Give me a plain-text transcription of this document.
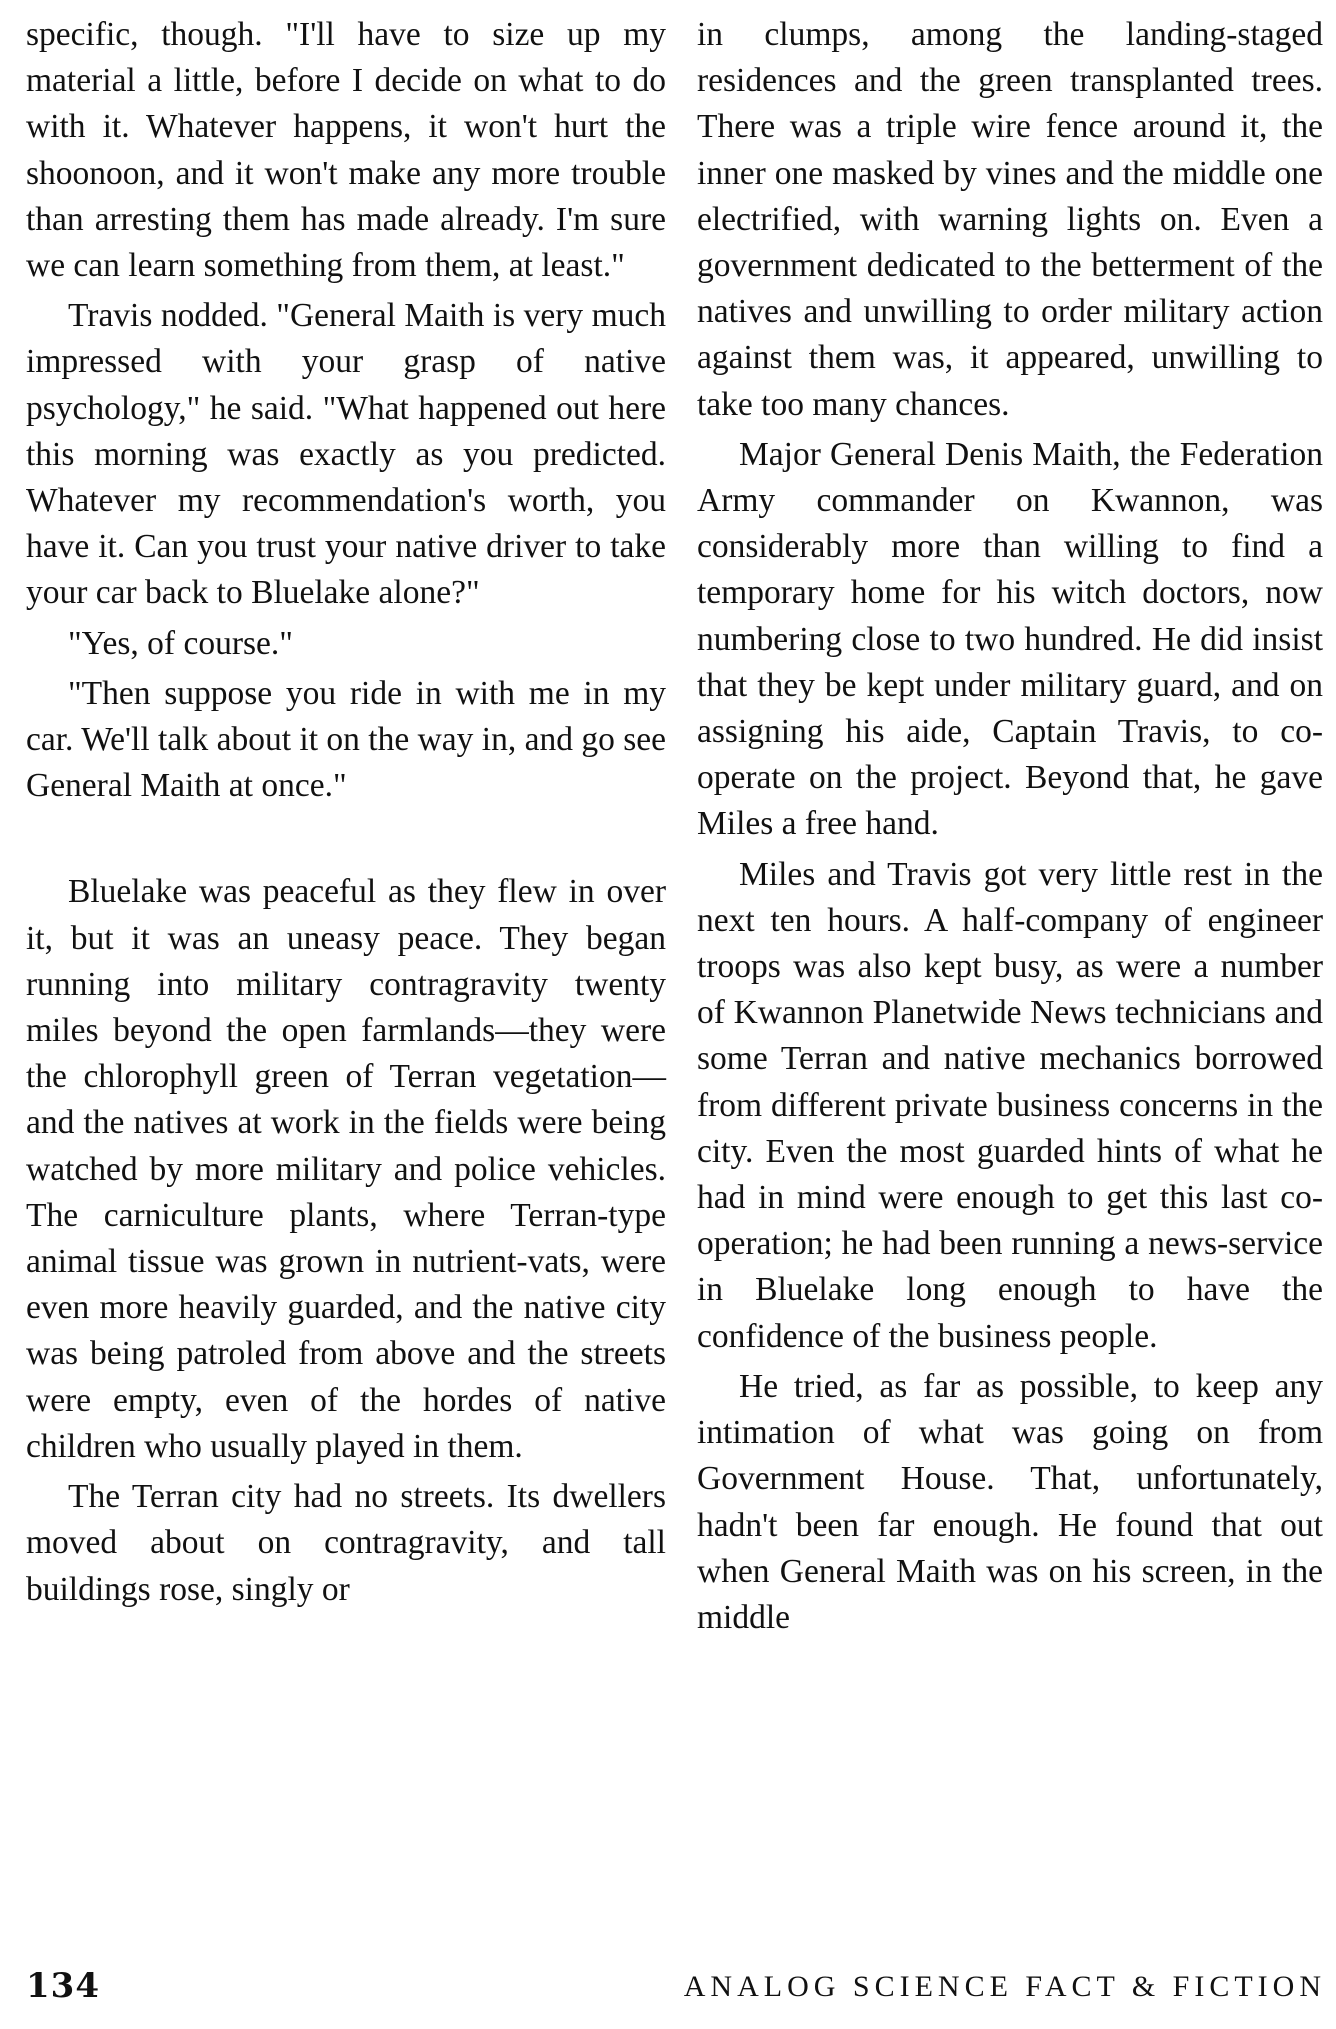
specific, though. "I'll have to size up my material a little, before I decide on what to do with it. Whatever happens, it won't hurt the shoonoon, and it won't make any more trouble than arresting them has made already. I'm sure we can learn something from them, at least."

Travis nodded. "General Maith is very much impressed with your grasp of native psychology," he said. "What happened out here this morning was exactly as you predicted. Whatever my recommendation's worth, you have it. Can you trust your native driver to take your car back to Bluelake alone?"

"Yes, of course."

"Then suppose you ride in with me in my car. We'll talk about it on the way in, and go see General Maith at once."

Bluelake was peaceful as they flew in over it, but it was an uneasy peace. They began running into military contragravity twenty miles beyond the open farmlands—they were the chlorophyll green of Terran vegetation—and the natives at work in the fields were being watched by more military and police vehicles. The carniculture plants, where Terran-type animal tissue was grown in nutrient-vats, were even more heavily guarded, and the native city was being patroled from above and the streets were empty, even of the hordes of native children who usually played in them.

The Terran city had no streets. Its dwellers moved about on contragravity, and tall buildings rose, singly or

in clumps, among the landing-staged residences and the green transplanted trees. There was a triple wire fence around it, the inner one masked by vines and the middle one electrified, with warning lights on. Even a government dedicated to the betterment of the natives and unwilling to order military action against them was, it appeared, unwilling to take too many chances.

Major General Denis Maith, the Federation Army commander on Kwannon, was considerably more than willing to find a temporary home for his witch doctors, now numbering close to two hundred. He did insist that they be kept under military guard, and on assigning his aide, Captain Travis, to co-operate on the project. Beyond that, he gave Miles a free hand.

Miles and Travis got very little rest in the next ten hours. A half-company of engineer troops was also kept busy, as were a number of Kwannon Planetwide News technicians and some Terran and native mechanics borrowed from different private business concerns in the city. Even the most guarded hints of what he had in mind were enough to get this last co-operation; he had been running a news-service in Bluelake long enough to have the confidence of the business people.

He tried, as far as possible, to keep any intimation of what was going on from Government House. That, unfortunately, hadn't been far enough. He found that out when General Maith was on his screen, in the middle

134	ANALOG SCIENCE FACT & FICTION
